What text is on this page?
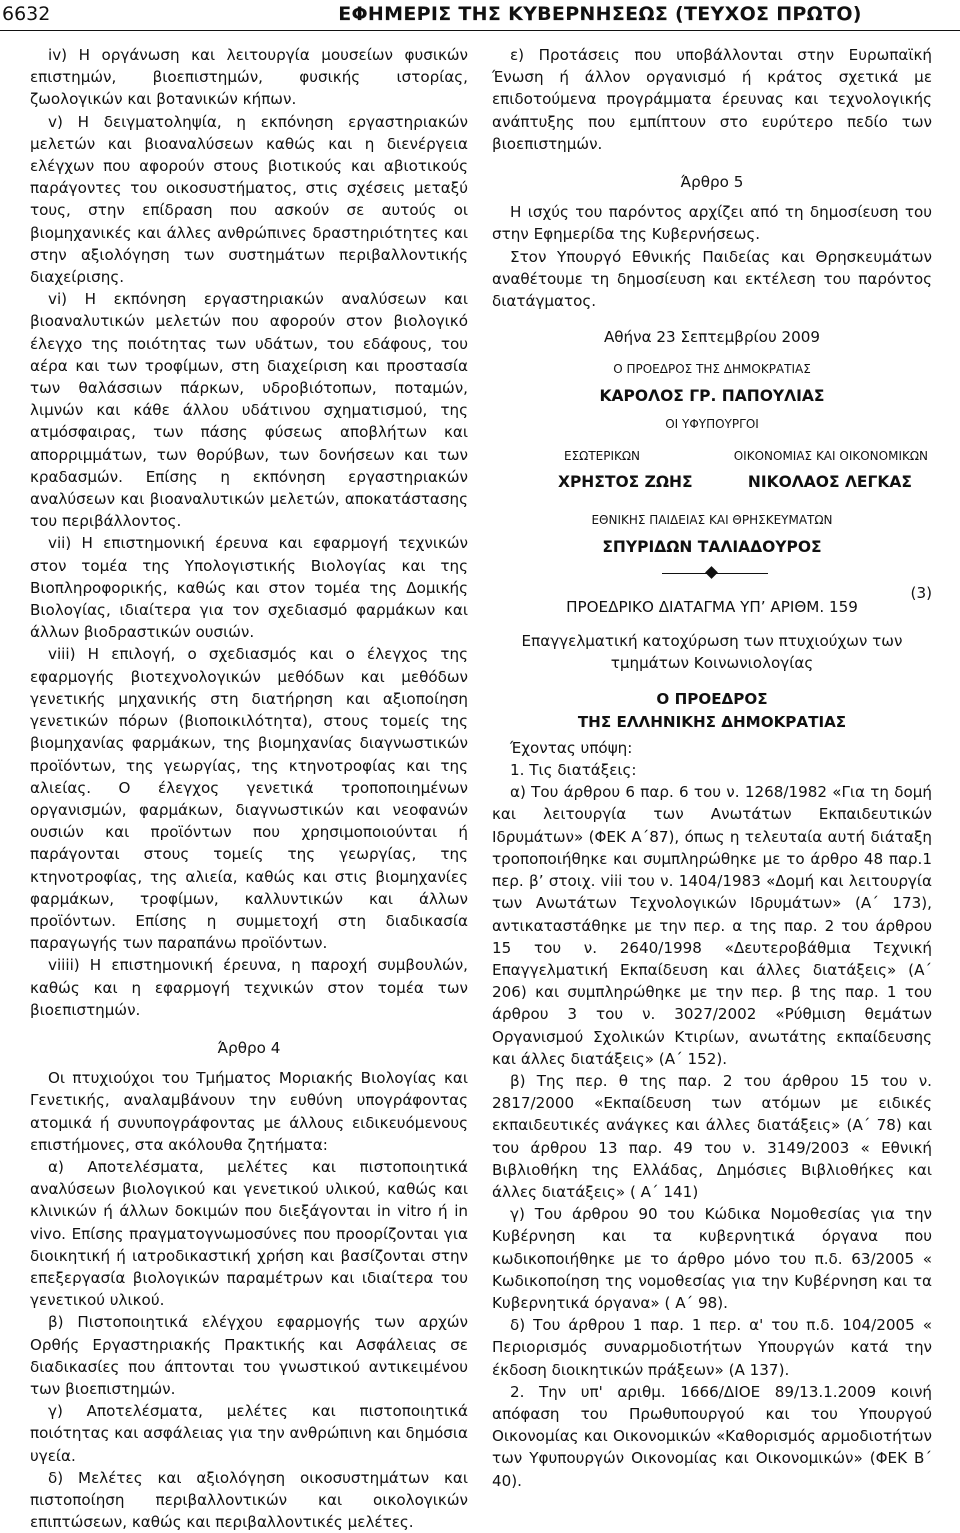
6632	ΕΦΗΜΕΡΙΣ ΤΗΣ ΚΥΒΕΡΝΗΣΕΩΣ (ΤΕΥΧΟΣ ΠΡΩΤΟ)

iv) Η οργάνωση και λειτουργία μουσείων φυσικών επιστημών, βιοεπιστημών, φυσικής ιστορίας, ζωολογικών και βοτανικών κήπων.

v) Η δειγματοληψία, η εκπόνηση εργαστηριακών μελετών και βιοαναλύσεων καθώς και η διενέργεια ελέγχων που αφορούν στους βιοτικούς και αβιοτικούς παράγοντες του οικοσυστήματος, στις σχέσεις μεταξύ τους, στην επίδραση που ασκούν σε αυτούς οι βιομηχανικές και άλλες ανθρώπινες δραστηριότητες και στην αξιολόγηση των συστημάτων περιβαλλοντικής διαχείρισης.

vi) Η εκπόνηση εργαστηριακών αναλύσεων και βιοαναλυτικών μελετών που αφορούν στον βιολογικό έλεγχο της ποιότητας των υδάτων, του εδάφους, του αέρα και των τροφίμων, στη διαχείριση και προστασία των θαλάσσιων πάρκων, υδροβιότοπων, ποταμών, λιμνών και κάθε άλλου υδάτινου σχηματισμού, της ατμόσφαιρας, των πάσης φύσεως αποβλήτων και απορριμμάτων, των θορύβων, των δονήσεων και των κραδασμών. Επίσης η εκπόνηση εργαστηριακών αναλύσεων και βιοαναλυτικών μελετών, αποκατάστασης του περιβάλλοντος.

vii) Η επιστημονική έρευνα και εφαρμογή τεχνικών στον τομέα της Υπολογιστικής Βιολογίας και της Βιοπληροφορικής, καθώς και στον τομέα της Δομικής Βιολογίας, ιδιαίτερα για τον σχεδιασμό φαρμάκων και άλλων βιοδραστικών ουσιών.

viii) Η επιλογή, ο σχεδιασμός και ο έλεγχος της εφαρμογής βιοτεχνολογικών μεθόδων και μεθόδων γενετικής μηχανικής στη διατήρηση και αξιοποίηση γενετικών πόρων (βιοποικιλότητα), στους τομείς της βιομηχανίας φαρμάκων, της βιομηχανίας διαγνωστικών προϊόντων, της γεωργίας, της κτηνοτροφίας και της αλιείας. Ο έλεγχος γενετικά τροποποιημένων οργανισμών, φαρμάκων, διαγνωστικών και νεοφανών ουσιών και προϊόντων που χρησιμοποιούνται ή παράγονται στους τομείς της γεωργίας, της κτηνοτροφίας, της αλιεία, καθώς και στις βιομηχανίες φαρμάκων, τροφίμων, καλλυντικών και άλλων προϊόντων. Επίσης η συμμετοχή στη διαδικασία παραγωγής των παραπάνω προϊόντων.

viiii) Η επιστημονική έρευνα, η παροχή συμβουλών, καθώς και η εφαρμογή τεχνικών στον τομέα των βιοεπιστημών.

Άρθρο 4

Οι πτυχιούχοι του Τμήματος Μοριακής Βιολογίας και Γενετικής, αναλαμβάνουν την ευθύνη υπογράφοντας ατομικά ή συνυπογράφοντας με άλλους ειδικευόμενους επιστήμονες, στα ακόλουθα ζητήματα:

α) Αποτελέσματα, μελέτες και πιστοποιητικά αναλύσεων βιολογικού και γενετικού υλικού, καθώς και κλινικών ή άλλων δοκιμών που διεξάγονται in vitro ή in vivo. Επίσης πραγματογνωμοσύνες που προορίζονται για διοικητική ή ιατροδικαστική χρήση και βασίζονται στην επεξεργασία βιολογικών παραμέτρων και ιδιαίτερα του γενετικού υλικού.

β) Πιστοποιητικά ελέγχου εφαρμογής των αρχών Ορθής Εργαστηριακής Πρακτικής και Ασφάλειας σε διαδικασίες που άπτονται του γνωστικού αντικειμένου των βιοεπιστημών.

γ) Αποτελέσματα, μελέτες και πιστοποιητικά ποιότητας και ασφάλειας για την ανθρώπινη και δημόσια υγεία.

δ) Μελέτες και αξιολόγηση οικοσυστημάτων και πιστοποίηση περιβαλλοντικών και οικολογικών επιπτώσεων, καθώς και περιβαλλοντικές μελέτες.

ε) Προτάσεις που υποβάλλονται στην Ευρωπαϊκή Ένωση ή άλλον οργανισμό ή κράτος σχετικά με επιδοτούμενα προγράμματα έρευνας και τεχνολογικής ανάπτυξης που εμπίπτουν στο ευρύτερο πεδίο των βιοεπιστημών.

Άρθρο 5

Η ισχύς του παρόντος αρχίζει από τη δημοσίευση του στην Εφημερίδα της Κυβερνήσεως.

Στον Υπουργό Εθνικής Παιδείας και Θρησκευμάτων αναθέτουμε τη δημοσίευση και εκτέλεση του παρόντος διατάγματος.

Αθήνα 23 Σεπτεμβρίου 2009

Ο ΠΡΟΕΔΡΟΣ ΤΗΣ ΔΗΜΟΚΡΑΤΙΑΣ

ΚΑΡΟΛΟΣ ΓΡ. ΠΑΠΟΥΛΙΑΣ

ΟΙ ΥΦΥΠΟΥΡΓΟΙ

ΕΣΩΤΕΡΙΚΩΝ	ΟΙΚΟΝΟΜΙΑΣ ΚΑΙ ΟΙΚΟΝΟΜΙΚΩΝ
ΧΡΗΣΤΟΣ ΖΩΗΣ	ΝΙΚΟΛΑΟΣ ΛΕΓΚΑΣ

ΕΘΝΙΚΗΣ ΠΑΙΔΕΙΑΣ ΚΑΙ ΘΡΗΣΚΕΥΜΑΤΩΝ

ΣΠΥΡΙΔΩΝ ΤΑΛΙΑΔΟΥΡΟΣ

(3)

ΠΡΟΕΔΡΙΚΟ ΔΙΑΤΑΓΜΑ ΥΠ’ ΑΡΙΘΜ. 159

Επαγγελματική κατοχύρωση των πτυχιούχων των τμημάτων Κοινωνιολογίας

Ο ΠΡΟΕΔΡΟΣ

ΤΗΣ ΕΛΛΗΝΙΚΗΣ ΔΗΜΟΚΡΑΤΙΑΣ

Έχοντας υπόψη:

1. Τις διατάξεις:

α) Του άρθρου 6 παρ. 6 του ν. 1268/1982 «Για τη δομή και λειτουργία των Ανωτάτων Εκπαιδευτικών Ιδρυμάτων» (ΦΕΚ Α΄87), όπως η τελευταία αυτή διάταξη τροποποιήθηκε και συμπληρώθηκε με το άρθρο 48 παρ.1 περ. β’ στοιχ. viii του ν. 1404/1983 «Δομή και λειτουργία των Ανωτάτων Τεχνολογικών Ιδρυμάτων» (Α΄ 173), αντικαταστάθηκε με την περ. α της παρ. 2 του άρθρου 15 του ν. 2640/1998 «Δευτεροβάθμια Τεχνική Επαγγελματική Εκπαίδευση και άλλες διατάξεις» (Α΄ 206) και συμπληρώθηκε με την περ. β της παρ. 1 του άρθρου 3 του ν. 3027/2002 «Ρύθμιση θεμάτων Οργανισμού Σχολικών Κτιρίων, ανωτάτης εκπαίδευσης και άλλες διατάξεις» (Α΄ 152).

β) Της περ. θ της παρ. 2 του άρθρου 15 του ν. 2817/2000 «Εκπαίδευση των ατόμων με ειδικές εκπαιδευτικές ανάγκες και άλλες διατάξεις» (Α΄ 78) και του άρθρου 13 παρ. 49 του ν. 3149/2003 « Εθνική Βιβλιοθήκη της Ελλάδας, Δημόσιες Βιβλιοθήκες και άλλες διατάξεις» ( Α΄ 141)

γ) Του άρθρου 90 του Κώδικα Νομοθεσίας για την Κυβέρνηση και τα κυβερνητικά όργανα που κωδικοποιήθηκε με το άρθρο μόνο του π.δ. 63/2005 « Κωδικοποίηση της νομοθεσίας για την Κυβέρνηση και τα Κυβερνητικά όργανα» ( Α΄ 98).

δ) Του άρθρου 1 παρ. 1 περ. α' του π.δ. 104/2005 « Περιορισμός συναρμοδιοτήτων Υπουργών κατά την έκδοση διοικητικών πράξεων» (Α 137).

2. Την υπ' αριθμ. 1666/ΔΙΟΕ 89/13.1.2009 κοινή απόφαση του Πρωθυπουργού και του Υπουργού Οικονομίας και Οικονομικών «Καθορισμός αρμοδιοτήτων των Υφυπουργών Οικονομίας και Οικονομικών» (ΦΕΚ Β΄ 40).
